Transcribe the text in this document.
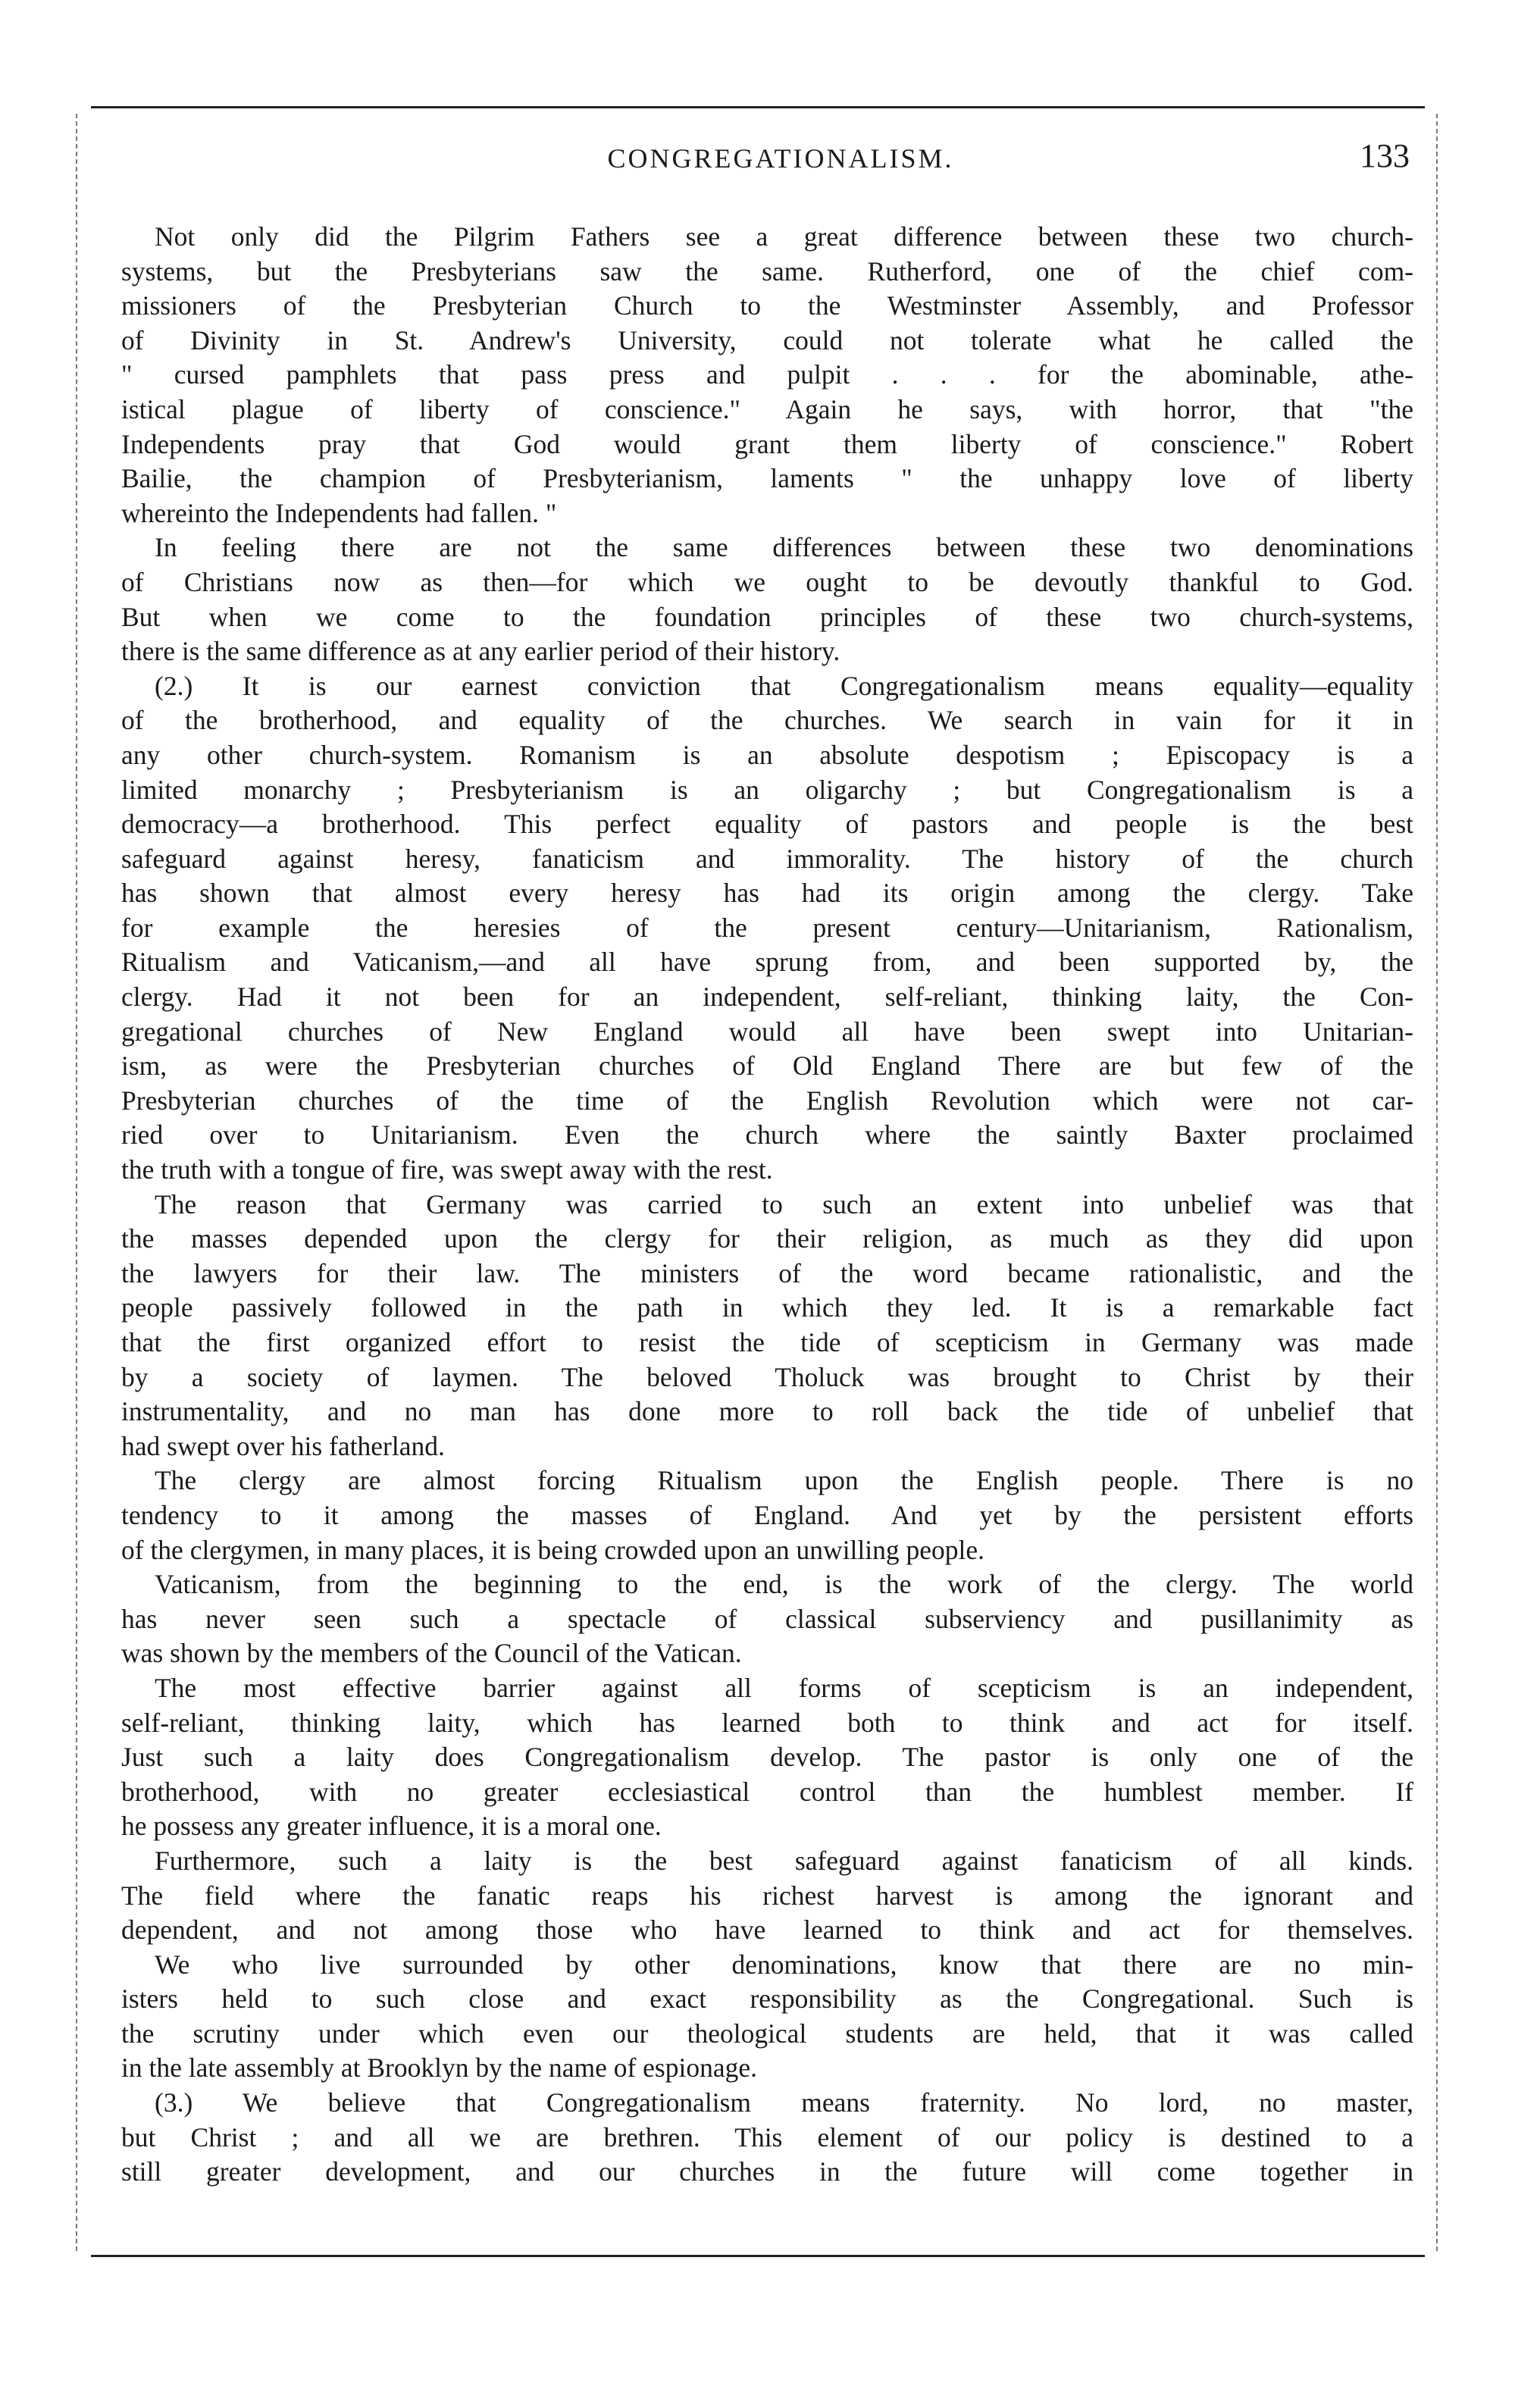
CONGREGATIONALISM.	133
Not only did the Pilgrim Fathers see a great difference between these two church-
systems, but the Presbyterians saw the same. Rutherford, one of the chief com-
missioners of the Presbyterian Church to the Westminster Assembly, and Professor
of Divinity in St. Andrew's University, could not tolerate what he called the
" cursed pamphlets that pass press and pulpit . . . for the abominable, athe-
istical plague of liberty of conscience." Again he says, with horror, that "the
Independents pray that God would grant them liberty of conscience." Robert
Bailie, the champion of Presbyterianism, laments " the unhappy love of liberty
whereinto the Independents had fallen. "
In feeling there are not the same differences between these two denominations
of Christians now as then—for which we ought to be devoutly thankful to God.
But when we come to the foundation principles of these two church-systems,
there is the same difference as at any earlier period of their history.
(2.) It is our earnest conviction that Congregationalism means equality—equality
of the brotherhood, and equality of the churches. We search in vain for it in
any other church-system. Romanism is an absolute despotism ; Episcopacy is a
limited monarchy ; Presbyterianism is an oligarchy ; but Congregationalism is a
democracy—a brotherhood. This perfect equality of pastors and people is the best
safeguard against heresy, fanaticism and immorality. The history of the church
has shown that almost every heresy has had its origin among the clergy. Take
for example the heresies of the present century—Unitarianism, Rationalism,
Ritualism and Vaticanism,—and all have sprung from, and been supported by, the
clergy. Had it not been for an independent, self-reliant, thinking laity, the Con-
gregational churches of New England would all have been swept into Unitarian-
ism, as were the Presbyterian churches of Old England There are but few of the
Presbyterian churches of the time of the English Revolution which were not car-
ried over to Unitarianism. Even the church where the saintly Baxter proclaimed
the truth with a tongue of fire, was swept away with the rest.
The reason that Germany was carried to such an extent into unbelief was that
the masses depended upon the clergy for their religion, as much as they did upon
the lawyers for their law. The ministers of the word became rationalistic, and the
people passively followed in the path in which they led. It is a remarkable fact
that the first organized effort to resist the tide of scepticism in Germany was made
by a society of laymen. The beloved Tholuck was brought to Christ by their
instrumentality, and no man has done more to roll back the tide of unbelief that
had swept over his fatherland.
The clergy are almost forcing Ritualism upon the English people. There is no
tendency to it among the masses of England. And yet by the persistent efforts
of the clergymen, in many places, it is being crowded upon an unwilling people.
Vaticanism, from the beginning to the end, is the work of the clergy. The world
has never seen such a spectacle of classical subserviency and pusillanimity as
was shown by the members of the Council of the Vatican.
The most effective barrier against all forms of scepticism is an independent,
self-reliant, thinking laity, which has learned both to think and act for itself.
Just such a laity does Congregationalism develop. The pastor is only one of the
brotherhood, with no greater ecclesiastical control than the humblest member. If
he possess any greater influence, it is a moral one.
Furthermore, such a laity is the best safeguard against fanaticism of all kinds.
The field where the fanatic reaps his richest harvest is among the ignorant and
dependent, and not among those who have learned to think and act for themselves.
We who live surrounded by other denominations, know that there are no min-
isters held to such close and exact responsibility as the Congregational. Such is
the scrutiny under which even our theological students are held, that it was called
in the late assembly at Brooklyn by the name of espionage.
(3.) We believe that Congregationalism means fraternity. No lord, no master,
but Christ ; and all we are brethren. This element of our policy is destined to a
still greater development, and our churches in the future will come together in
